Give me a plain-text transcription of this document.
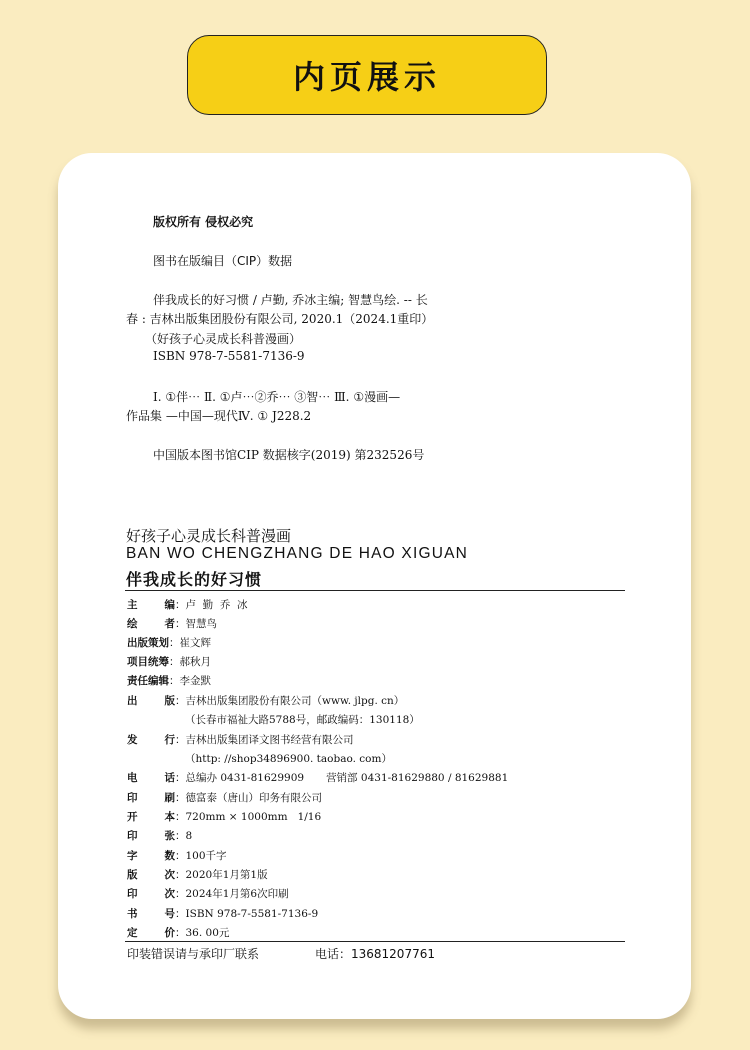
内页展示
版权所有 侵权必究
图书在版编目（CIP）数据
伴我成长的好习惯 / 卢勤, 乔冰主编; 智慧鸟绘. -- 长
春 : 吉林出版集团股份有限公司, 2020.1（2024.1重印）
（好孩子心灵成长科普漫画）
ISBN 978-7-5581-7136-9
Ⅰ. ①伴⋯ Ⅱ. ①卢⋯②乔⋯ ③智⋯ Ⅲ. ①漫画—
作品集 —中国—现代Ⅳ. ① J228.2
中国版本图书馆CIP 数据核字(2019) 第232526号
好孩子心灵成长科普漫画
BAN WO CHENGZHANG DE HAO XIGUAN
伴我成长的好习惯
主	编 ： 卢  勤  乔  冰
绘	者 ： 智慧鸟
出版策划 ： 崔文辉
项目统筹 ： 郝秋月
责任编辑 ： 李金默
出	版 ： 吉林出版集团股份有限公司（www. jlpg. cn）
（长春市福祉大路5788号，邮政编码：130118）
发	行 ： 吉林出版集团译文图书经营有限公司
（http: //shop34896900. taobao. com）
电	话 ： 总编办 0431-81629909 营销部 0431-81629880 / 81629881
印	刷 ： 德富泰（唐山）印务有限公司
开	本 ： 720mm × 1000mm   1/16
印	张 ： 8
字	数 ： 100千字
版	次 ： 2020年1月第1版
印	次 ： 2024年1月第6次印刷
书	号 ： ISBN 978-7-5581-7136-9
定	价 ： 36. 00元
印装错误请与承印厂联系	电话：13681207761
